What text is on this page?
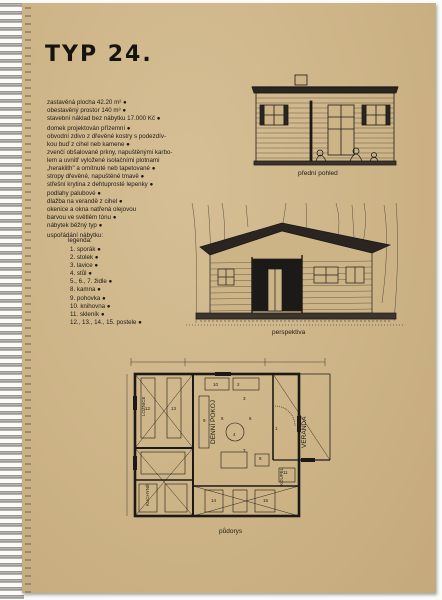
TYP 24.
zastavěná plocha 42.20 m² ●
obestavěný prostor 140 m³ ●
stavební náklad bez nábytku 17.000 Kč ●
domek projektován přízemní ●
obvodní zdivo z dřevěné kostry s podezdív-
kou buď z cihel neb kamene ●
zvenčí obšalované prkny, napuštěnými karbo-
lem a uvnitř vyložené isolačními plotnami
„heraklith" a omítnuté neb tapetované ●
stropy dřevěné, napuštěné tmavě ●
střešní krytina z dehtuprosté lepenky ●
podlahy palubové ●
dlažba na verandě z cihel ●
okenice a okna natřená olejovou
barvou ve světlém tónu ●
nábytek běžný typ ●
uspořádání nábytku:
legenda:
1. sporák ●
2. stolek ●
3. lavice ●
4. stůl ●
5., 6., 7. židle ●
8. kamna ●
9. pohovka ●
10. knihovna ●
11. skleník ●
12., 13., 14., 15. postele ●

přední pohled

perspektiva

DENNÍ POKOJ	VERANDA
LOŽNICE
KUCHYNĚ
KOUPEL
1
2
3
4
5	6
7
8
9
10
11
12	13
14	15

půdorys
